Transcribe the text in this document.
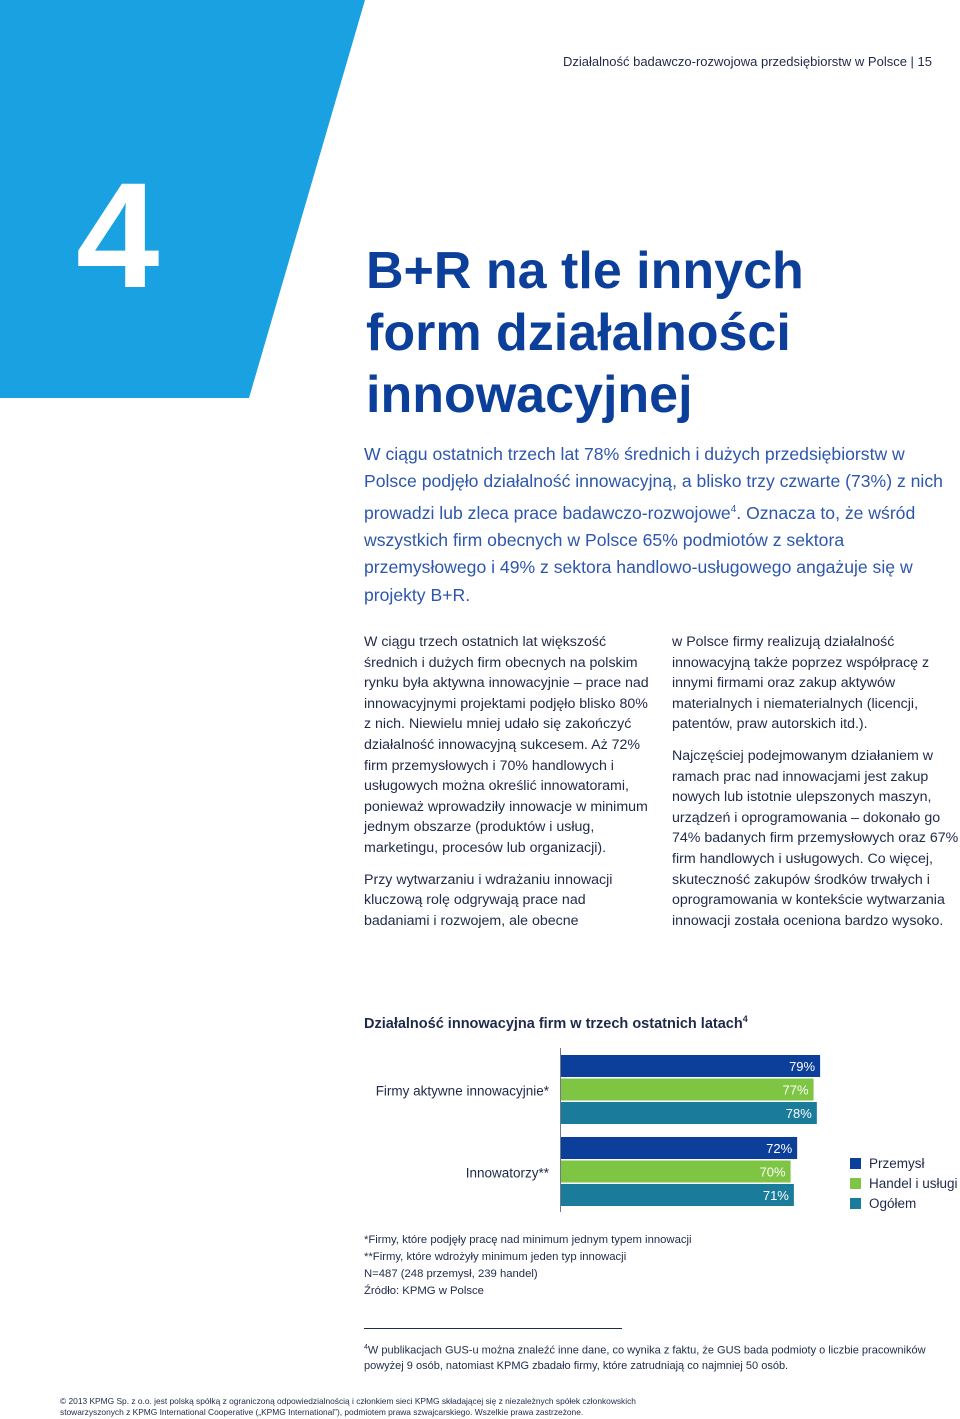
4
Działalność badawczo-rozwojowa przedsiębiorstw w Polsce | 15
B+R na tle innych
form działalności
innowacyjnej

W ciągu ostatnich trzech lat 78% średnich i dużych przedsiębiorstw w Polsce podjęło działalność innowacyjną, a blisko trzy czwarte (73%) z nich prowadzi lub zleca prace badawczo-rozwojowe$^4$. Oznacza to, że wśród wszystkich firm obecnych w Polsce 65% podmiotów z sektora przemysłowego i 49% z sektora handlowo-usługowego angażuje się w projekty B+R.

W ciągu trzech ostatnich lat większość średnich i dużych firm obecnych na polskim rynku była aktywna innowacyjnie – prace nad innowacyjnymi projektami podjęło blisko 80% z nich. Niewielu mniej udało się zakończyć działalność innowacyjną sukcesem. Aż 72% firm przemysłowych i 70% handlowych i usługowych można określić innowatorami, ponieważ wprowadziły innowacje w minimum jednym obszarze (produktów i usług, marketingu, procesów lub organizacji).

Przy wytwarzaniu i wdrażaniu innowacji kluczową rolę odgrywają prace nad badaniami i rozwojem, ale obecne

w Polsce firmy realizują działalność innowacyjną także poprzez współpracę z innymi firmami oraz zakup aktywów materialnych i niematerialnych (licencji, patentów, praw autorskich itd.).

Najczęściej podejmowanym działaniem w ramach prac nad innowacjami jest zakup nowych lub istotnie ulepszonych maszyn, urządzeń i oprogramowania – dokonało go 74% badanych firm przemysłowych oraz 67% firm handlowych i usługowych. Co więcej, skuteczność zakupów środków trwałych i oprogramowania w kontekście wytwarzania innowacji została oceniona bardzo wysoko.

Działalność innowacyjna firm w trzech ostatnich latach$^4$
Firmy aktywne innowacyjnie*
79%
77%
78%
Innowatorzy**
72%
70%
71%
Przemysł
Handel i usługi
Ogółem
*Firmy, które podjęły pracę nad minimum jednym typem innowacji
**Firmy, które wdrożyły minimum jeden typ innowacji
N=487 (248 przemysł, 239 handel)
Źródło: KPMG w Polsce
$^4$W publikacjach GUS-u można znaleźć inne dane, co wynika z faktu, że GUS bada podmioty o liczbie pracowników powyżej 9 osób, natomiast KPMG zbadało firmy, które zatrudniają co najmniej 50 osób.
© 2013 KPMG Sp. z o.o. jest polską spółką z ograniczoną odpowiedzialnością i członkiem sieci KPMG składającej się z niezależnych spółek członkowskich
stowarzyszonych z KPMG International Cooperative („KPMG International”), podmiotem prawa szwajcarskiego. Wszelkie prawa zastrzeżone.
